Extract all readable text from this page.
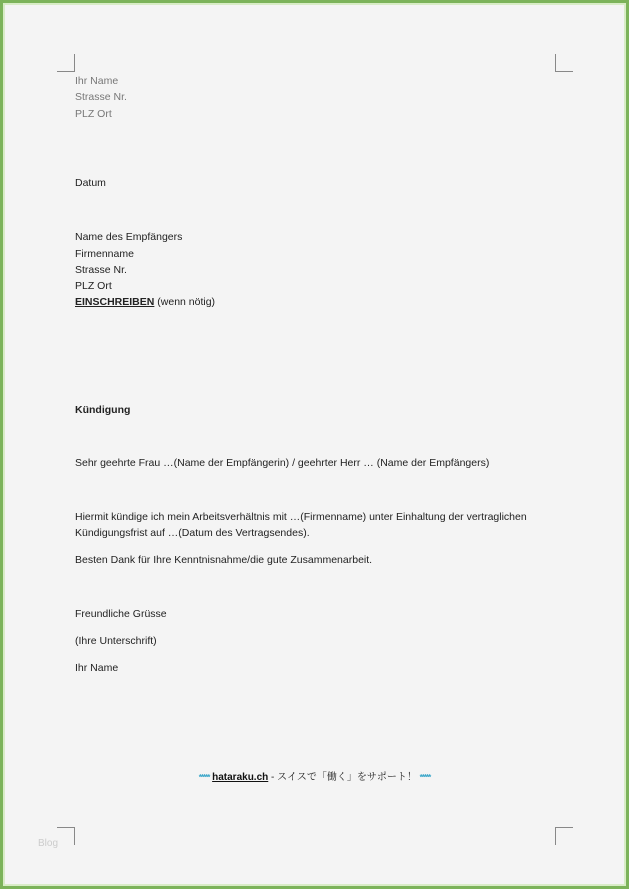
Ihr Name
Strasse Nr.
PLZ Ort
Datum
Name des Empfängers
Firmenname
Strasse Nr.
PLZ Ort
EINSCHREIBEN (wenn nötig)
Kündigung
Sehr geehrte Frau …(Name der Empfängerin) / geehrter Herr … (Name der Empfängers)
Hiermit kündige ich mein Arbeitsverhältnis mit …(Firmenname) unter Einhaltung der vertraglichen Kündigungsfrist auf …(Datum des Vertragsendes).
Besten Dank für Ihre Kenntnisnahme/die gute Zusammenarbeit.
Freundliche Grüsse
(Ihre Unterschrift)
Ihr Name
***** hataraku.ch - スイスで「働く」をサポート！ *****
Blog
